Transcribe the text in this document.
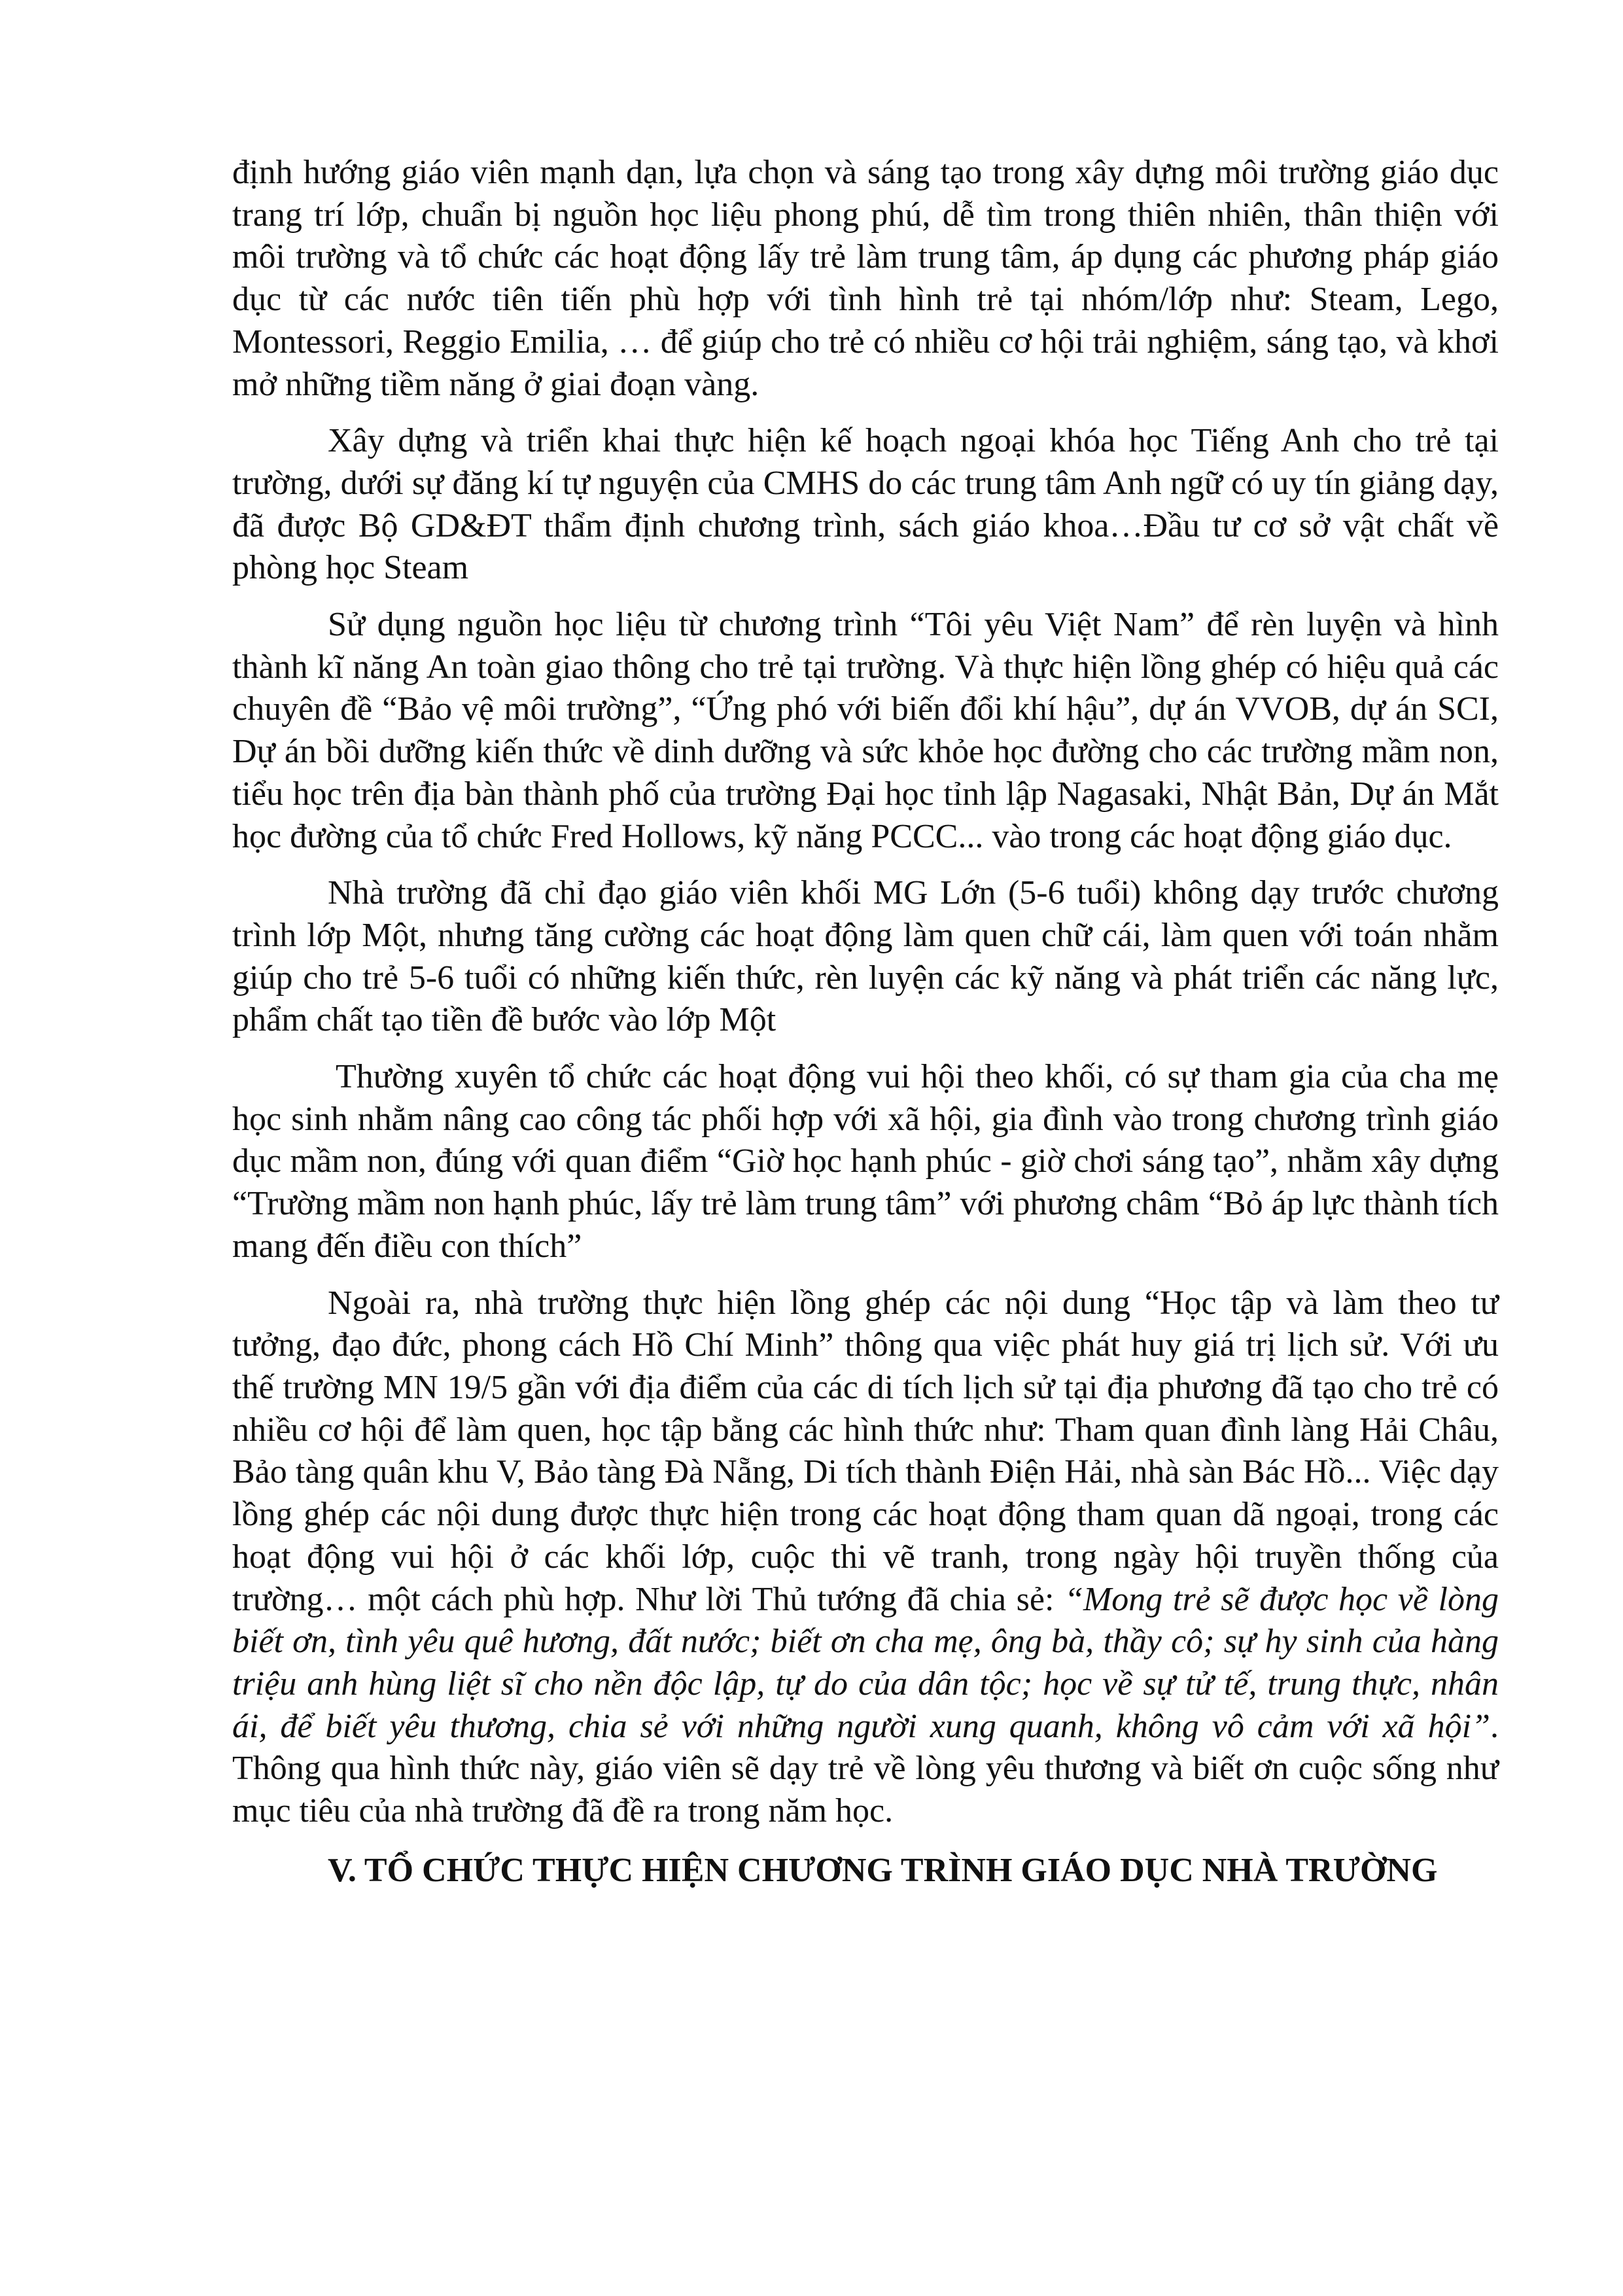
định hướng giáo viên mạnh dạn, lựa chọn và sáng tạo trong xây dựng môi trường giáo dục trang trí lớp, chuẩn bị nguồn học liệu phong phú, dễ tìm trong thiên nhiên, thân thiện với môi trường và tổ chức các hoạt động lấy trẻ làm trung tâm, áp dụng các phương pháp giáo dục từ các nước tiên tiến phù hợp với tình hình trẻ tại nhóm/lớp như: Steam, Lego, Montessori, Reggio Emilia, … để giúp cho trẻ có nhiều cơ hội trải nghiệm, sáng tạo, và khơi mở những tiềm năng ở giai đoạn vàng.

Xây dựng và triển khai thực hiện kế hoạch ngoại khóa học Tiếng Anh cho trẻ tại trường, dưới sự đăng kí tự nguyện của CMHS do các trung tâm Anh ngữ có uy tín giảng dạy, đã được Bộ GD&ĐT thẩm định chương trình, sách giáo khoa…Đầu tư cơ sở vật chất về phòng học Steam

Sử dụng nguồn học liệu từ chương trình “Tôi yêu Việt Nam” để rèn luyện và hình thành kĩ năng An toàn giao thông cho trẻ tại trường. Và thực hiện lồng ghép có hiệu quả các chuyên đề “Bảo vệ môi trường”, “Ứng phó với biến đổi khí hậu”, dự án VVOB, dự án SCI, Dự án bồi dưỡng kiến thức về dinh dưỡng và sức khỏe học đường cho các trường mầm non, tiểu học trên địa bàn thành phố của trường Đại học tỉnh lập Nagasaki, Nhật Bản, Dự án Mắt học đường của tổ chức Fred Hollows, kỹ năng PCCC... vào trong các hoạt động giáo dục.

Nhà trường đã chỉ đạo giáo viên khối MG Lớn (5-6 tuổi) không dạy trước chương trình lớp Một, nhưng tăng cường các hoạt động làm quen chữ cái, làm quen với toán nhằm giúp cho trẻ 5-6 tuổi có những kiến thức, rèn luyện các kỹ năng và phát triển các năng lực, phẩm chất tạo tiền đề bước vào lớp Một

Thường xuyên tổ chức các hoạt động vui hội theo khối, có sự tham gia của cha mẹ học sinh nhằm nâng cao công tác phối hợp với xã hội, gia đình vào trong chương trình giáo dục mầm non, đúng với quan điểm “Giờ học hạnh phúc - giờ chơi sáng tạo”, nhằm xây dựng “Trường mầm non hạnh phúc, lấy trẻ làm trung tâm” với phương châm “Bỏ áp lực thành tích mang đến điều con thích”

Ngoài ra, nhà trường thực hiện lồng ghép các nội dung “Học tập và làm theo tư tưởng, đạo đức, phong cách Hồ Chí Minh” thông qua việc phát huy giá trị lịch sử. Với ưu thế trường MN 19/5 gần với địa điểm của các di tích lịch sử tại địa phương đã tạo cho trẻ có nhiều cơ hội để làm quen, học tập bằng các hình thức như: Tham quan đình làng Hải Châu, Bảo tàng quân khu V, Bảo tàng Đà Nẵng, Di tích thành Điện Hải, nhà sàn Bác Hồ... Việc dạy lồng ghép các nội dung được thực hiện trong các hoạt động tham quan dã ngoại, trong các hoạt động vui hội ở các khối lớp, cuộc thi vẽ tranh, trong ngày hội truyền thống của trường… một cách phù hợp. Như lời Thủ tướng đã chia sẻ: “Mong trẻ sẽ được học về lòng biết ơn, tình yêu quê hương, đất nước; biết ơn cha mẹ, ông bà, thầy cô; sự hy sinh của hàng triệu anh hùng liệt sĩ cho nền độc lập, tự do của dân tộc; học về sự tử tế, trung thực, nhân ái, để biết yêu thương, chia sẻ với những người xung quanh, không vô cảm với xã hội”. Thông qua hình thức này, giáo viên sẽ dạy trẻ về lòng yêu thương và biết ơn cuộc sống như mục tiêu của nhà trường đã đề ra trong năm học.

V. TỔ CHỨC THỰC HIỆN CHƯƠNG TRÌNH GIÁO DỤC NHÀ TRƯỜNG
